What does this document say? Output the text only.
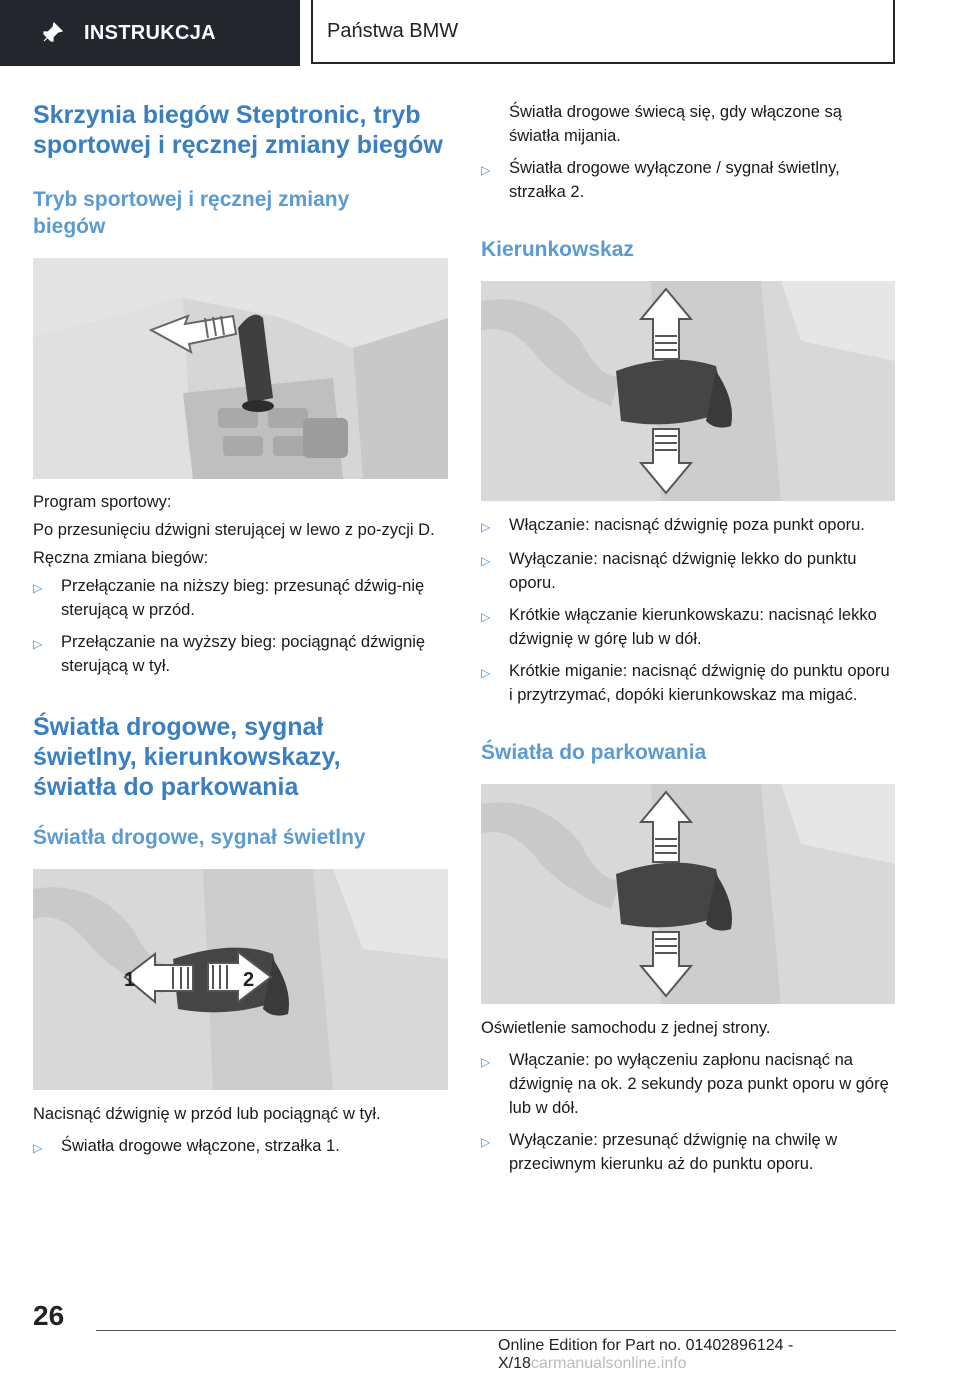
INSTRUKCJA	Państwa BMW
Skrzynia biegów Steptronic, tryb sportowej i ręcznej zmiany biegów
Tryb sportowej i ręcznej zmiany biegów

Program sportowy:

Po przesunięciu dźwigni sterującej w lewo z po-zycji D.

Ręczna zmiana biegów:

▷	Przełączanie na niższy bieg: przesunąć dźwig-nię sterującą w przód.
▷	Przełączanie na wyższy bieg: pociągnąć dźwignię sterującą w tył.
Światła drogowe, sygnał świetlny, kierunkowskazy, światła do parkowania
Światła drogowe, sygnał świetlny
1	2

Nacisnąć dźwignię w przód lub pociągnąć w tył.

▷	Światła drogowe włączone, strzałka 1.
Światła drogowe świecą się, gdy włączone są światła mijania.
▷	Światła drogowe wyłączone / sygnał świetlny, strzałka 2.
Kierunkowskaz
▷	Włączanie: nacisnąć dźwignię poza punkt oporu.
▷	Wyłączanie: nacisnąć dźwignię lekko do punktu oporu.
▷	Krótkie włączanie kierunkowskazu: nacisnąć lekko dźwignię w górę lub w dół.
▷	Krótkie miganie: nacisnąć dźwignię do punktu oporu i przytrzymać, dopóki kierunkowskaz ma migać.
Światła do parkowania

Oświetlenie samochodu z jednej strony.

▷	Włączanie: po wyłączeniu zapłonu nacisnąć na dźwignię na ok. 2 sekundy poza punkt oporu w górę lub w dół.
▷	Wyłączanie: przesunąć dźwignię na chwilę w przeciwnym kierunku aż do punktu oporu.
26
Online Edition for Part no. 01402896124 - X/18carmanualsonline.info
